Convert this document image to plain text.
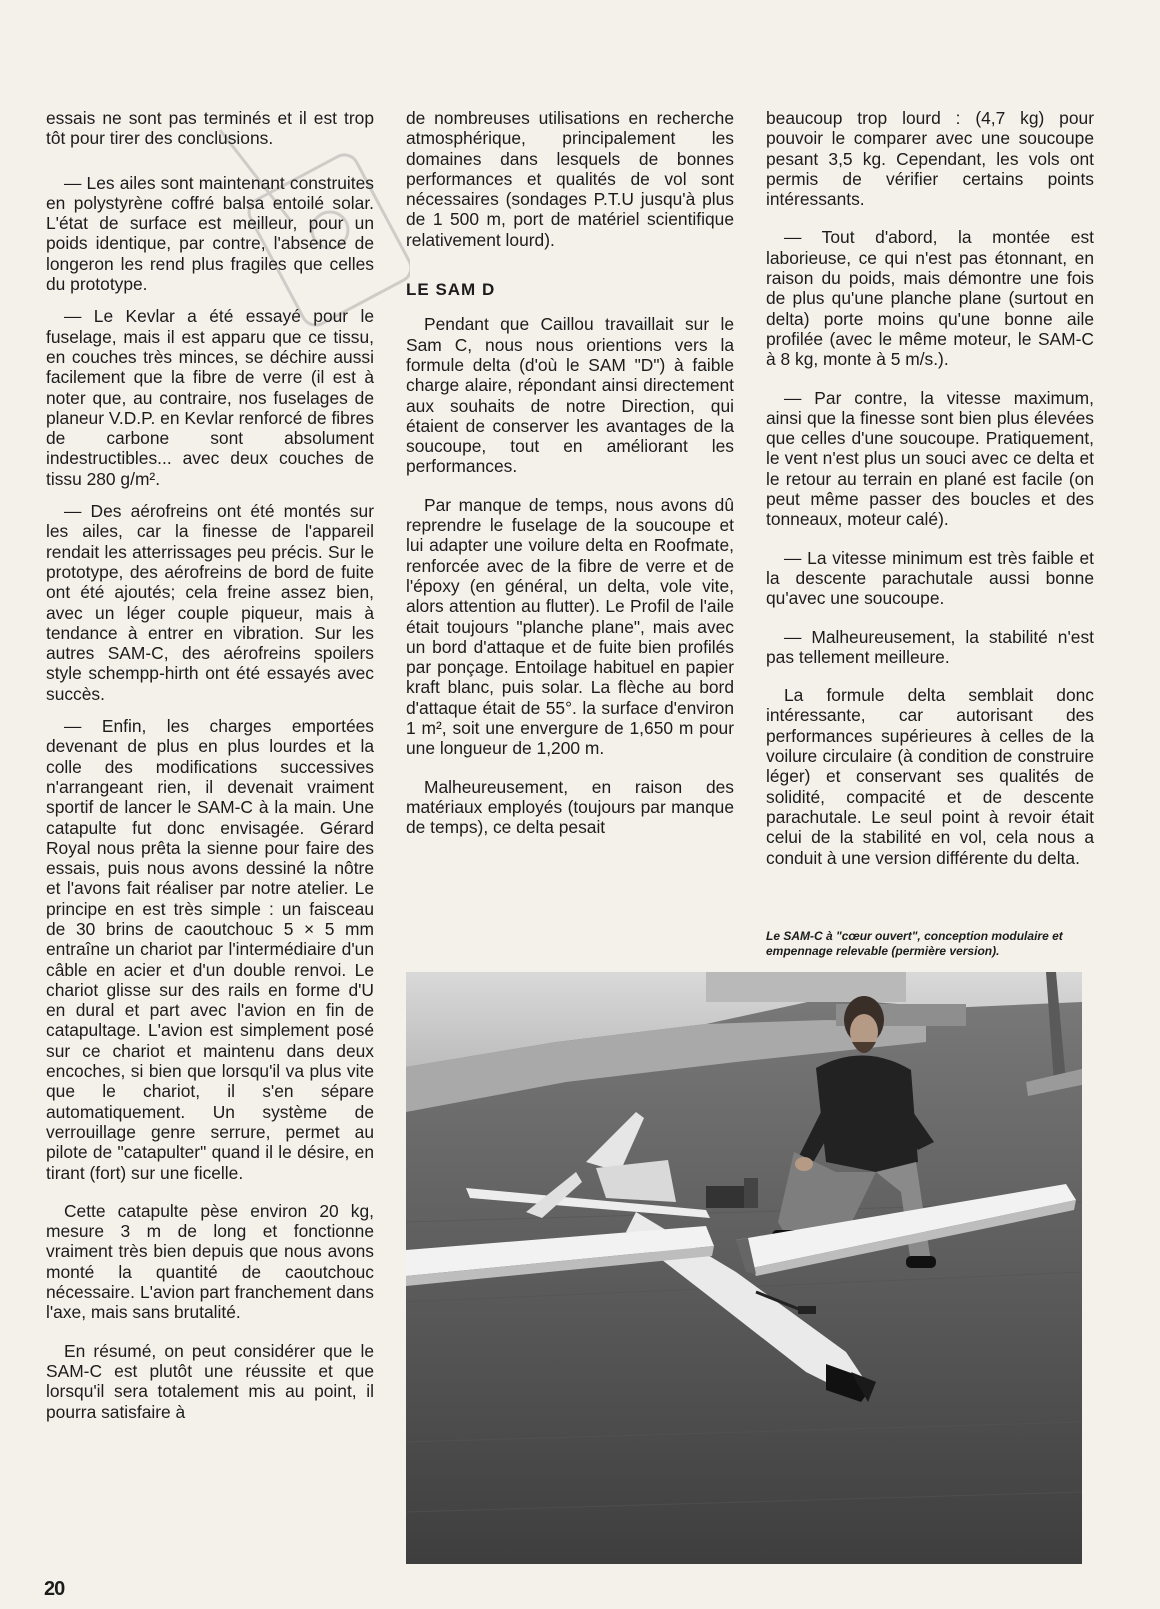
essais ne sont pas terminés et il est trop tôt pour tirer des conclusions.

— Les ailes sont maintenant construites en polystyrène coffré balsa entoilé solar. L'état de surface est meilleur, pour un poids identique, par contre, l'absence de longeron les rend plus fragiles que celles du prototype.

— Le Kevlar a été essayé pour le fuselage, mais il est apparu que ce tissu, en couches très minces, se déchire aussi facilement que la fibre de verre (il est à noter que, au contraire, nos fuselages de planeur V.D.P. en Kevlar renforcé de fibres de carbone sont absolument indestructibles... avec deux couches de tissu 280 g/m².

— Des aérofreins ont été montés sur les ailes, car la finesse de l'appareil rendait les atterrissages peu précis. Sur le prototype, des aérofreins de bord de fuite ont été ajoutés; cela freine assez bien, avec un léger couple piqueur, mais à tendance à entrer en vibration. Sur les autres SAM-C, des aérofreins spoilers style schempp-hirth ont été essayés avec succès.

— Enfin, les charges emportées devenant de plus en plus lourdes et la colle des modifications successives n'arrangeant rien, il devenait vraiment sportif de lancer le SAM-C à la main. Une catapulte fut donc envisagée. Gérard Royal nous prêta la sienne pour faire des essais, puis nous avons dessiné la nôtre et l'avons fait réaliser par notre atelier. Le principe en est très simple : un faisceau de 30 brins de caoutchouc 5 × 5 mm entraîne un chariot par l'intermédiaire d'un câble en acier et d'un double renvoi. Le chariot glisse sur des rails en forme d'U en dural et part avec l'avion en fin de catapultage. L'avion est simplement posé sur ce chariot et maintenu dans deux encoches, si bien que lorsqu'il va plus vite que le chariot, il s'en sépare automatiquement. Un système de verrouillage genre serrure, permet au pilote de "catapulter" quand il le désire, en tirant (fort) sur une ficelle.

Cette catapulte pèse environ 20 kg, mesure 3 m de long et fonctionne vraiment très bien depuis que nous avons monté la quantité de caoutchouc nécessaire. L'avion part franchement dans l'axe, mais sans brutalité.

En résumé, on peut considérer que le SAM-C est plutôt une réussite et que lorsqu'il sera totalement mis au point, il pourra satisfaire à

de nombreuses utilisations en recherche atmosphérique, principalement les domaines dans lesquels de bonnes performances et qualités de vol sont nécessaires (sondages P.T.U jusqu'à plus de 1 500 m, port de matériel scientifique relativement lourd).

LE SAM D

Pendant que Caillou travaillait sur le Sam C, nous nous orientions vers la formule delta (d'où le SAM "D") à faible charge alaire, répondant ainsi directement aux souhaits de notre Direction, qui étaient de conserver les avantages de la soucoupe, tout en améliorant les performances.

Par manque de temps, nous avons dû reprendre le fuselage de la soucoupe et lui adapter une voilure delta en Roofmate, renforcée avec de la fibre de verre et de l'époxy (en général, un delta, vole vite, alors attention au flutter). Le Profil de l'aile était toujours "planche plane", mais avec un bord d'attaque et de fuite bien profilés par ponçage. Entoilage habituel en papier kraft blanc, puis solar. La flèche au bord d'attaque était de 55°. la surface d'environ 1 m², soit une envergure de 1,650 m pour une longueur de 1,200 m.

Malheureusement, en raison des matériaux employés (toujours par manque de temps), ce delta pesait

beaucoup trop lourd : (4,7 kg) pour pouvoir le comparer avec une soucoupe pesant 3,5 kg. Cependant, les vols ont permis de vérifier certains points intéressants.

— Tout d'abord, la montée est laborieuse, ce qui n'est pas étonnant, en raison du poids, mais démontre une fois de plus qu'une planche plane (surtout en delta) porte moins qu'une bonne aile profilée (avec le même moteur, le SAM-C à 8 kg, monte à 5 m/s.).

— Par contre, la vitesse maximum, ainsi que la finesse sont bien plus élevées que celles d'une soucoupe. Pratiquement, le vent n'est plus un souci avec ce delta et le retour au terrain en plané est facile (on peut même passer des boucles et des tonneaux, moteur calé).

— La vitesse minimum est très faible et la descente parachutale aussi bonne qu'avec une soucoupe.

— Malheureusement, la stabilité n'est pas tellement meilleure.

La formule delta semblait donc intéressante, car autorisant des performances supérieures à celles de la voilure circulaire (à condition de construire léger) et conservant ses qualités de solidité, compacité et de descente parachutale. Le seul point à revoir était celui de la stabilité en vol, cela nous a conduit à une version différente du delta.

Le SAM-C à "cœur ouvert", conception modulaire et empennage relevable (permière version).
20
